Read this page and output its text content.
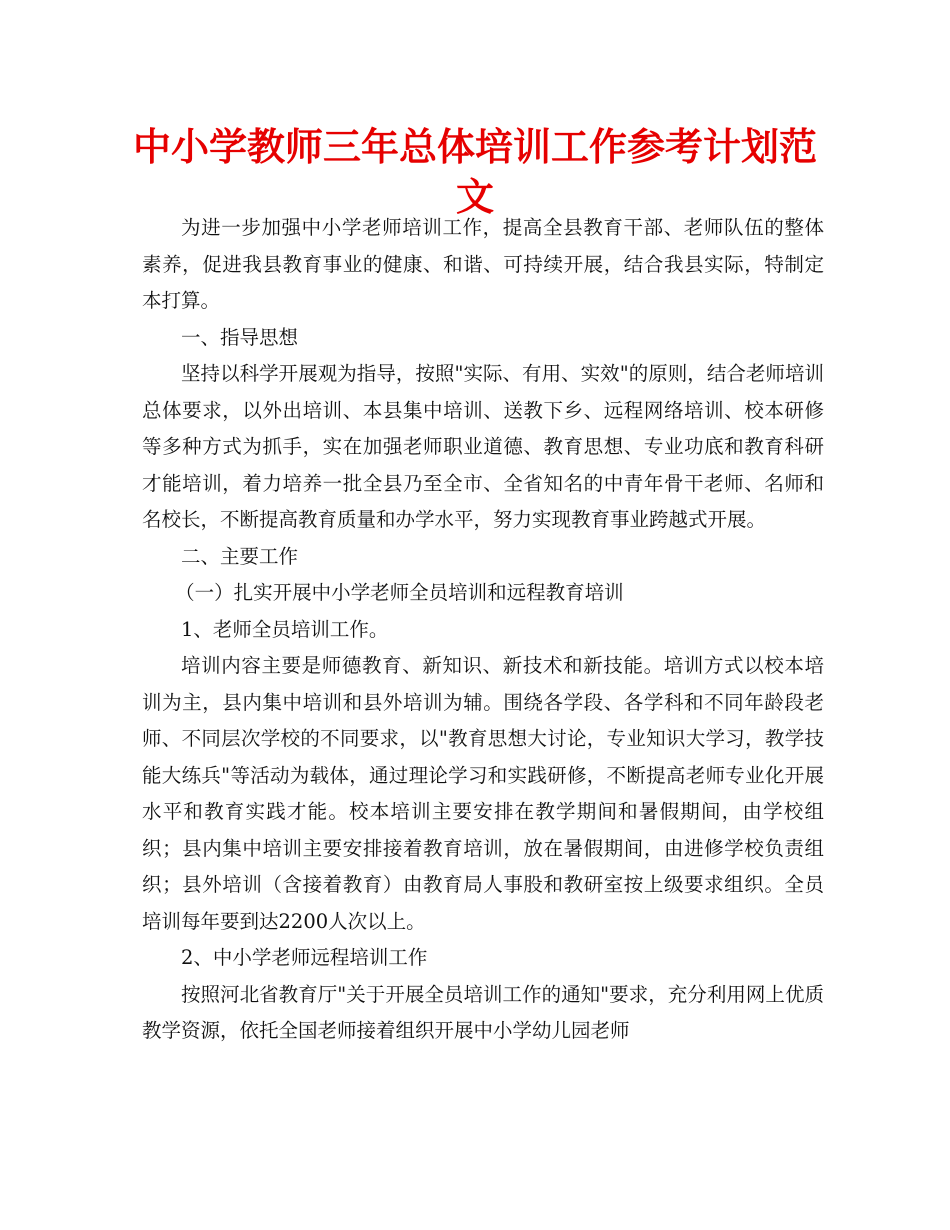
中小学教师三年总体培训工作参考计划范
文

为进一步加强中小学老师培训工作，提高全县教育干部、老师队伍的整体素养，促进我县教育事业的健康、和谐、可持续开展，结合我县实际，特制定本打算。

一、指导思想

坚持以科学开展观为指导，按照"实际、有用、实效"的原则，结合老师培训总体要求，以外出培训、本县集中培训、送教下乡、远程网络培训、校本研修等多种方式为抓手，实在加强老师职业道德、教育思想、专业功底和教育科研才能培训，着力培养一批全县乃至全市、全省知名的中青年骨干老师、名师和名校长，不断提高教育质量和办学水平，努力实现教育事业跨越式开展。

二、主要工作

（一）扎实开展中小学老师全员培训和远程教育培训

1、老师全员培训工作。

培训内容主要是师德教育、新知识、新技术和新技能。培训方式以校本培训为主，县内集中培训和县外培训为辅。围绕各学段、各学科和不同年龄段老师、不同层次学校的不同要求，以"教育思想大讨论，专业知识大学习，教学技能大练兵"等活动为载体，通过理论学习和实践研修，不断提高老师专业化开展水平和教育实践才能。校本培训主要安排在教学期间和暑假期间，由学校组织；县内集中培训主要安排接着教育培训，放在暑假期间，由进修学校负责组织；县外培训（含接着教育）由教育局人事股和教研室按上级要求组织。全员培训每年要到达2200人次以上。

2、中小学老师远程培训工作

按照河北省教育厅"关于开展全员培训工作的通知"要求，充分利用网上优质教学资源，依托全国老师接着组织开展中小学幼儿园老师
